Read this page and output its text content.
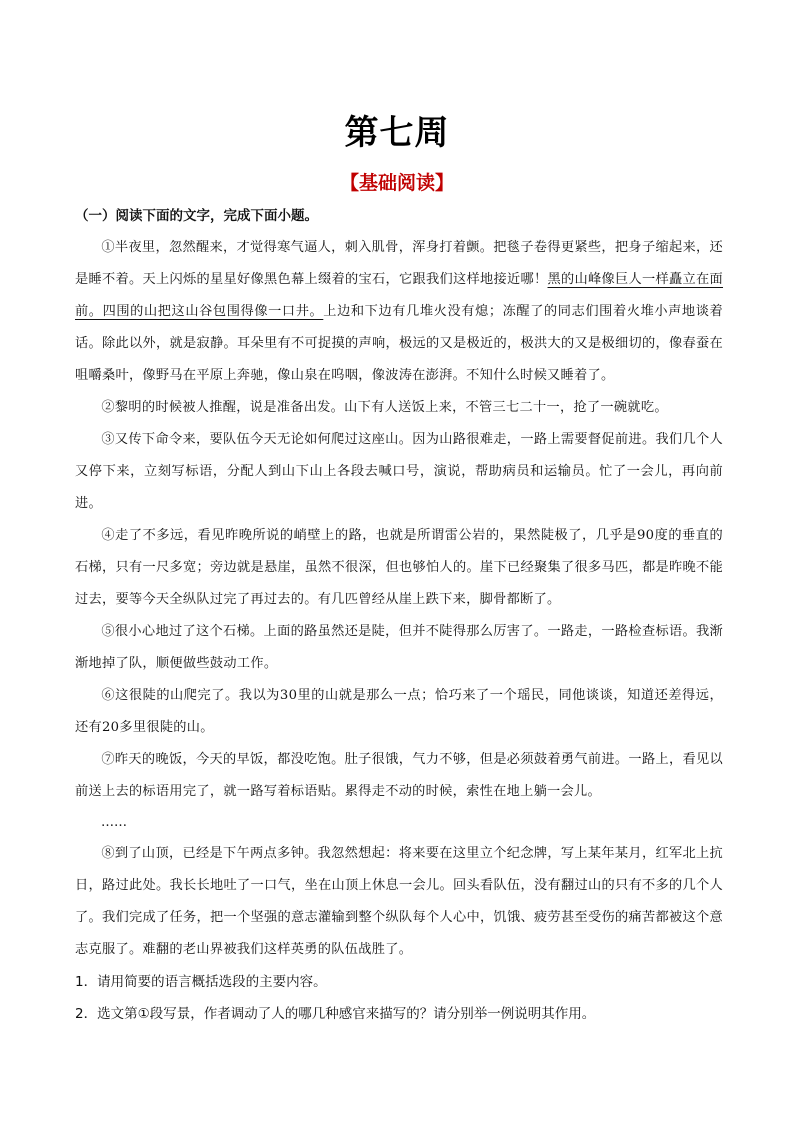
第七周
【基础阅读】

（一）阅读下面的文字，完成下面小题。

①半夜里，忽然醒来，才觉得寒气逼人，刺入肌骨，浑身打着颤。把毯子卷得更紧些，把身子缩起来，还是睡不着。天上闪烁的星星好像黑色幕上缀着的宝石，它跟我们这样地接近哪！黑的山峰像巨人一样矗立在面前。四围的山把这山谷包围得像一口井。上边和下边有几堆火没有熄；冻醒了的同志们围着火堆小声地谈着话。除此以外，就是寂静。耳朵里有不可捉摸的声响，极远的又是极近的，极洪大的又是极细切的，像春蚕在咀嚼桑叶，像野马在平原上奔驰，像山泉在呜咽，像波涛在澎湃。不知什么时候又睡着了。

②黎明的时候被人推醒，说是准备出发。山下有人送饭上来，不管三七二十一，抢了一碗就吃。

③又传下命令来，要队伍今天无论如何爬过这座山。因为山路很难走，一路上需要督促前进。我们几个人又停下来，立刻写标语，分配人到山下山上各段去喊口号，演说，帮助病员和运输员。忙了一会儿，再向前进。

④走了不多远，看见昨晚所说的峭壁上的路，也就是所谓雷公岩的，果然陡极了，几乎是90度的垂直的石梯，只有一尺多宽；旁边就是悬崖，虽然不很深，但也够怕人的。崖下已经聚集了很多马匹，都是昨晚不能过去，要等今天全纵队过完了再过去的。有几匹曾经从崖上跌下来，脚骨都断了。

⑤很小心地过了这个石梯。上面的路虽然还是陡，但并不陡得那么厉害了。一路走，一路检查标语。我渐渐地掉了队，顺便做些鼓动工作。

⑥这很陡的山爬完了。我以为30里的山就是那么一点；恰巧来了一个瑶民，同他谈谈，知道还差得远，还有20多里很陡的山。

⑦昨天的晚饭，今天的早饭，都没吃饱。肚子很饿，气力不够，但是必须鼓着勇气前进。一路上，看见以前送上去的标语用完了，就一路写着标语贴。累得走不动的时候，索性在地上躺一会儿。

……

⑧到了山顶，已经是下午两点多钟。我忽然想起：将来要在这里立个纪念牌，写上某年某月，红军北上抗日，路过此处。我长长地吐了一口气，坐在山顶上休息一会儿。回头看队伍，没有翻过山的只有不多的几个人了。我们完成了任务，把一个坚强的意志灌输到整个纵队每个人心中，饥饿、疲劳甚至受伤的痛苦都被这个意志克服了。难翻的老山界被我们这样英勇的队伍战胜了。

1．请用简要的语言概括选段的主要内容。

2．选文第①段写景，作者调动了人的哪几种感官来描写的？请分别举一例说明其作用。
